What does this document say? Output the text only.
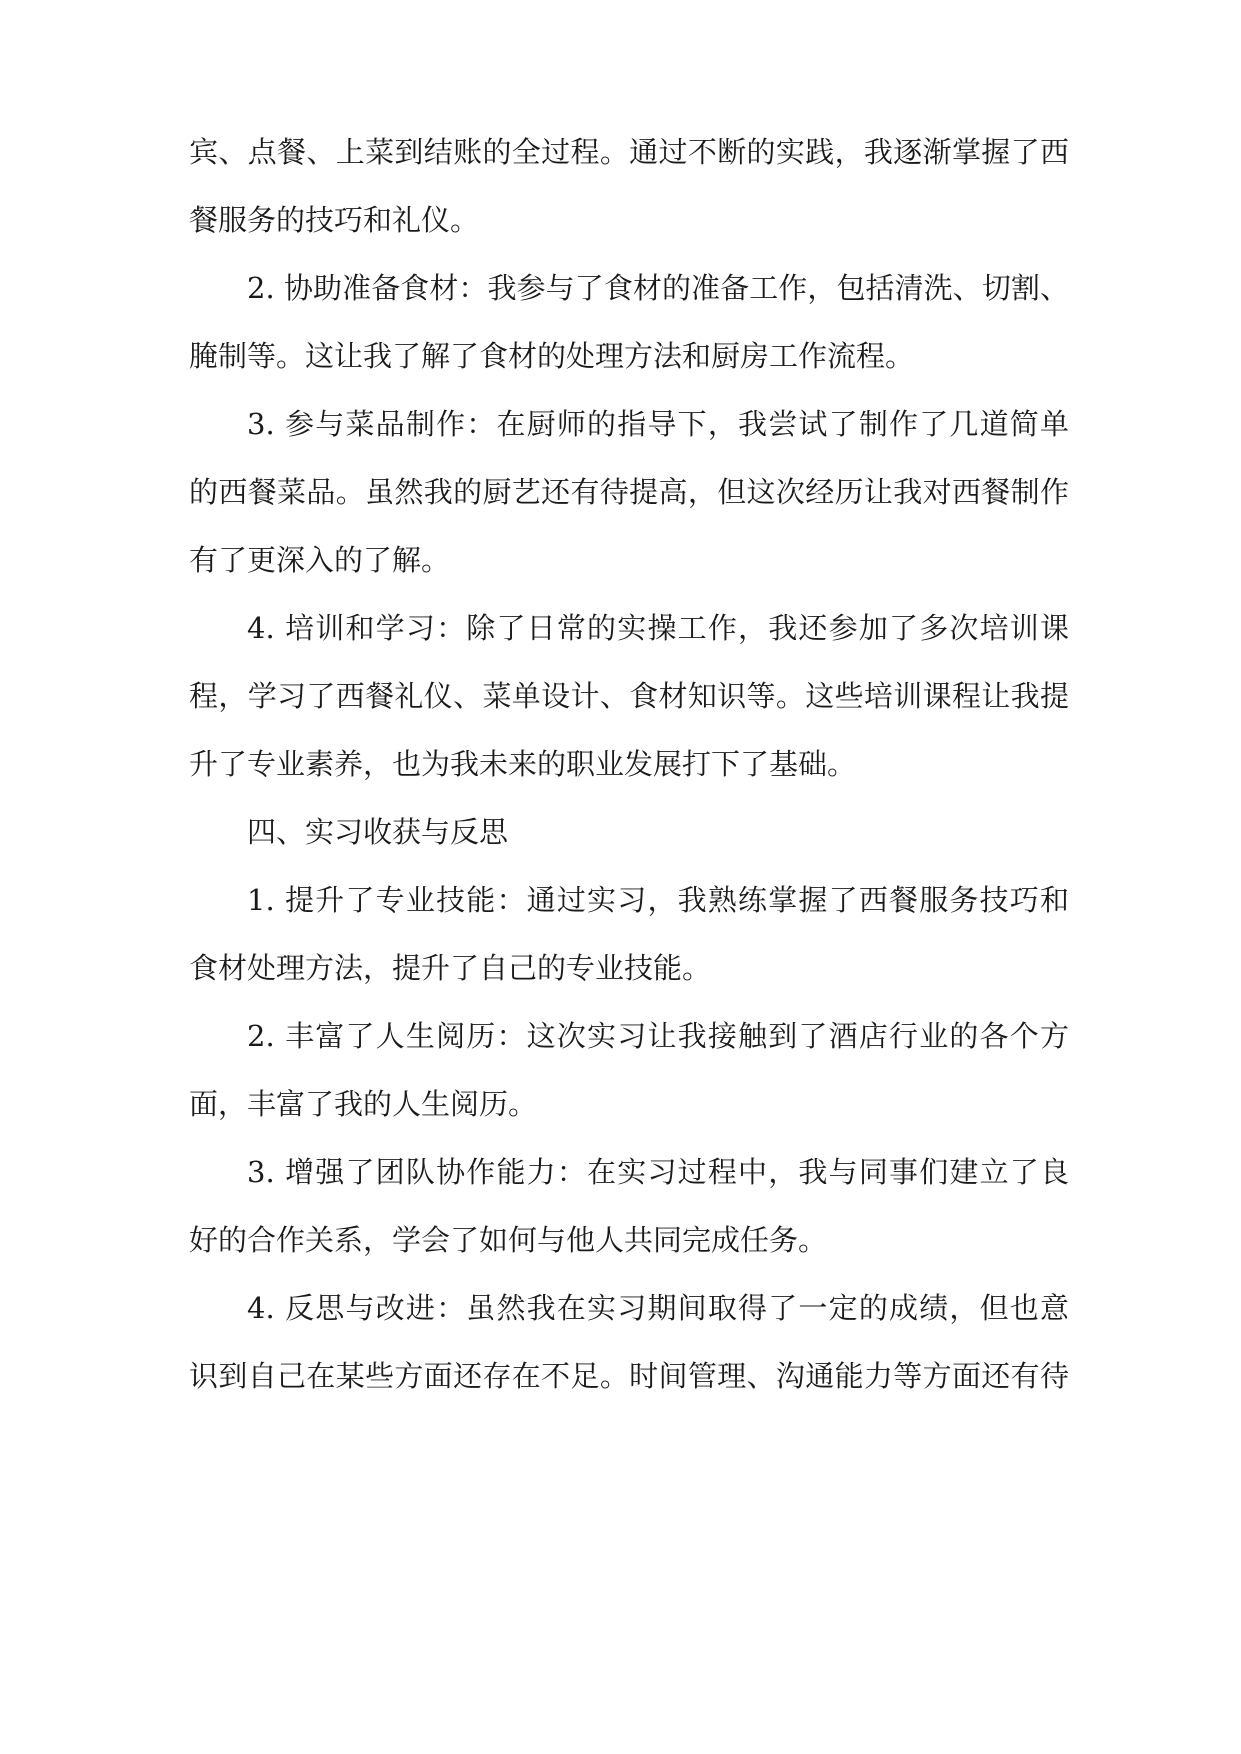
宾、点餐、上菜到结账的全过程。通过不断的实践，我逐渐掌握了西
餐服务的技巧和礼仪。
2. 协助准备食材：我参与了食材的准备工作，包括清洗、切割、
腌制等。这让我了解了食材的处理方法和厨房工作流程。
3. 参与菜品制作：在厨师的指导下，我尝试了制作了几道简单
的西餐菜品。虽然我的厨艺还有待提高，但这次经历让我对西餐制作
有了更深入的了解。
4. 培训和学习：除了日常的实操工作，我还参加了多次培训课
程，学习了西餐礼仪、菜单设计、食材知识等。这些培训课程让我提
升了专业素养，也为我未来的职业发展打下了基础。
四、实习收获与反思
1. 提升了专业技能：通过实习，我熟练掌握了西餐服务技巧和
食材处理方法，提升了自己的专业技能。
2. 丰富了人生阅历：这次实习让我接触到了酒店行业的各个方
面，丰富了我的人生阅历。
3. 增强了团队协作能力：在实习过程中，我与同事们建立了良
好的合作关系，学会了如何与他人共同完成任务。
4. 反思与改进：虽然我在实习期间取得了一定的成绩，但也意
识到自己在某些方面还存在不足。时间管理、沟通能力等方面还有待
